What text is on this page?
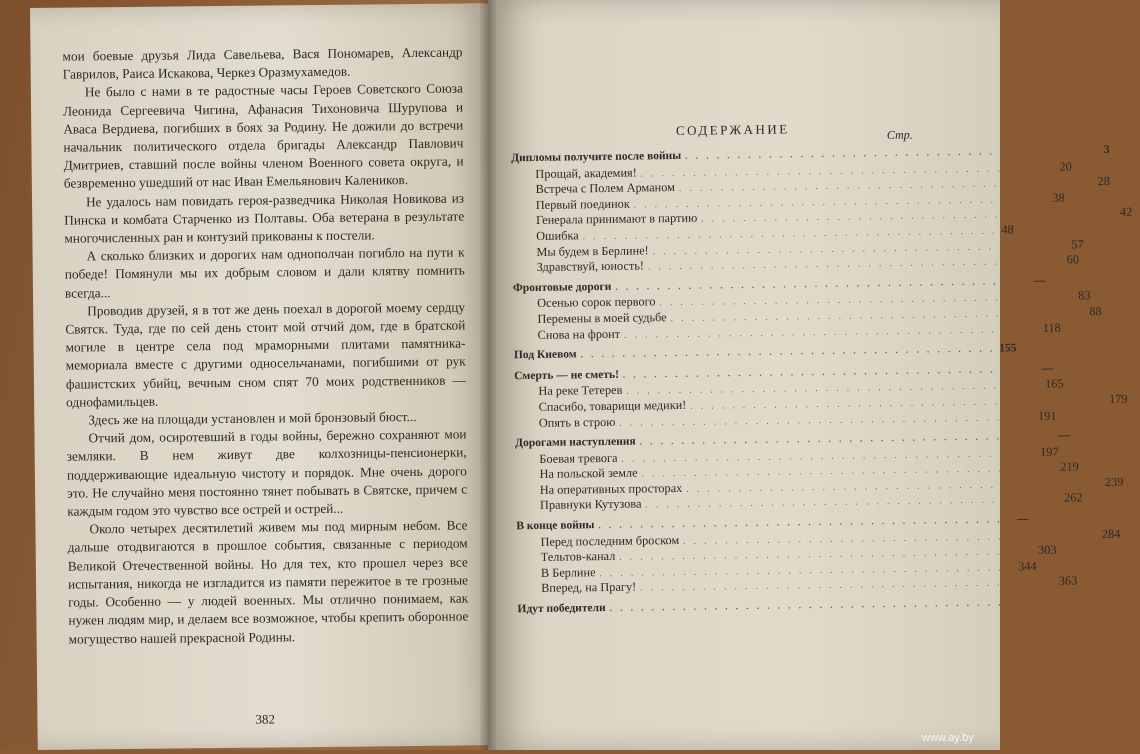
мои боевые друзья Лида Савельева, Вася Пономарев, Александр Гаврилов, Раиса Искакова, Черкез Оразмухамедов.

Не было с нами в те радостные часы Героев Советского Союза Леонида Сергеевича Чигина, Афанасия Тихоновича Шурупова и Аваса Вердиева, погибших в боях за Родину. Не дожили до встречи начальник политического отдела бригады Александр Павлович Дмитриев, ставший после войны членом Военного совета округа, и безвременно ушедший от нас Иван Емельянович Калеников.

Не удалось нам повидать героя-разведчика Николая Новикова из Пинска и комбата Старченко из Полтавы. Оба ветерана в результате многочисленных ран и контузий прикованы к постели.

А сколько близких и дорогих нам однополчан погибло на пути к победе! Помянули мы их добрым словом и дали клятву помнить всегда...

Проводив друзей, я в тот же день поехал в дорогой моему сердцу Святск. Туда, где по сей день стоит мой отчий дом, где в братской могиле в центре села под мраморными плитами памятника-мемориала вместе с другими односельчанами, погибшими от рук фашистских убийц, вечным сном спят 70 моих родственников — однофамильцев.

Здесь же на площади установлен и мой бронзовый бюст...

Отчий дом, осиротевший в годы войны, бережно сохраняют мои земляки. В нем живут две колхозницы-пенсионерки, поддерживающие идеальную чистоту и порядок. Мне очень дорого это. Не случайно меня постоянно тянет побывать в Святске, причем с каждым годом это чувство все острей и острей...

Около четырех десятилетий живем мы под мирным небом. Все дальше отодвигаются в прошлое события, связанные с периодом Великой Отечественной войны. Но для тех, кто прошел через все испытания, никогда не изгладится из памяти пережитое в те грозные годы. Особенно — у людей военных. Мы отлично понимаем, как нужен людям мир, и делаем все возможное, чтобы крепить оборонное могущество нашей прекрасной Родины.

382
СОДЕРЖАНИЕ	Стр.
Дипломы получите после войны . . . . . . . . . . . . . . . . . . . . . . . . . . . . . . . . . . . . . . . . 3
Прощай, академия! . . . . . . . . . . . . . . . . . . . . . . . . . . . . . . . . . . . . . . . . 20
Встреча с Полем Арманом . . . . . . . . . . . . . . . . . . . . . . . . . . . . . . . . . . . . . . . . 28
Первый поединок . . . . . . . . . . . . . . . . . . . . . . . . . . . . . . . . . . . . . . . . 38
Генерала принимают в партию . . . . . . . . . . . . . . . . . . . . . . . . . . . . . . . . . . . . . . . . 42
Ошибка . . . . . . . . . . . . . . . . . . . . . . . . . . . . . . . . . . . . . . . . 48
Мы будем в Берлине! . . . . . . . . . . . . . . . . . . . . . . . . . . . . . . . . . . . . . . . . 57
Здравствуй, юность! . . . . . . . . . . . . . . . . . . . . . . . . . . . . . . . . . . . . . . . . 60
Фронтовые дороги . . . . . . . . . . . . . . . . . . . . . . . . . . . . . . . . . . . . . . . . —
Осенью сорок первого . . . . . . . . . . . . . . . . . . . . . . . . . . . . . . . . . . . . . . . . 83
Перемены в моей судьбе . . . . . . . . . . . . . . . . . . . . . . . . . . . . . . . . . . . . . . . . 88
Снова на фронт . . . . . . . . . . . . . . . . . . . . . . . . . . . . . . . . . . . . . . . . 118
Под Киевом . . . . . . . . . . . . . . . . . . . . . . . . . . . . . . . . . . . . . . . . 155
Смерть — не сметь! . . . . . . . . . . . . . . . . . . . . . . . . . . . . . . . . . . . . . . . . —
На реке Тетерев . . . . . . . . . . . . . . . . . . . . . . . . . . . . . . . . . . . . . . . . 165
Спасибо, товарищи медики! . . . . . . . . . . . . . . . . . . . . . . . . . . . . . . . . . . . . . . . . 179
Опять в строю . . . . . . . . . . . . . . . . . . . . . . . . . . . . . . . . . . . . . . . . 191
Дорогами наступления . . . . . . . . . . . . . . . . . . . . . . . . . . . . . . . . . . . . . . . . —
Боевая тревога . . . . . . . . . . . . . . . . . . . . . . . . . . . . . . . . . . . . . . . . 197
На польской земле . . . . . . . . . . . . . . . . . . . . . . . . . . . . . . . . . . . . . . . . 219
На оперативных просторах . . . . . . . . . . . . . . . . . . . . . . . . . . . . . . . . . . . . . . . . 239
Правнуки Кутузова . . . . . . . . . . . . . . . . . . . . . . . . . . . . . . . . . . . . . . . . 262
В конце войны . . . . . . . . . . . . . . . . . . . . . . . . . . . . . . . . . . . . . . . . —
Перед последним броском . . . . . . . . . . . . . . . . . . . . . . . . . . . . . . . . . . . . . . . . 284
Тельтов-канал . . . . . . . . . . . . . . . . . . . . . . . . . . . . . . . . . . . . . . . . 303
В Берлине . . . . . . . . . . . . . . . . . . . . . . . . . . . . . . . . . . . . . . . . 344
Вперед, на Прагу! . . . . . . . . . . . . . . . . . . . . . . . . . . . . . . . . . . . . . . . . 363
Идут победители . . . . . . . . . . . . . . . . . . . . . . . . . . . . . . . . . . . . . . . .
www.ay.by
